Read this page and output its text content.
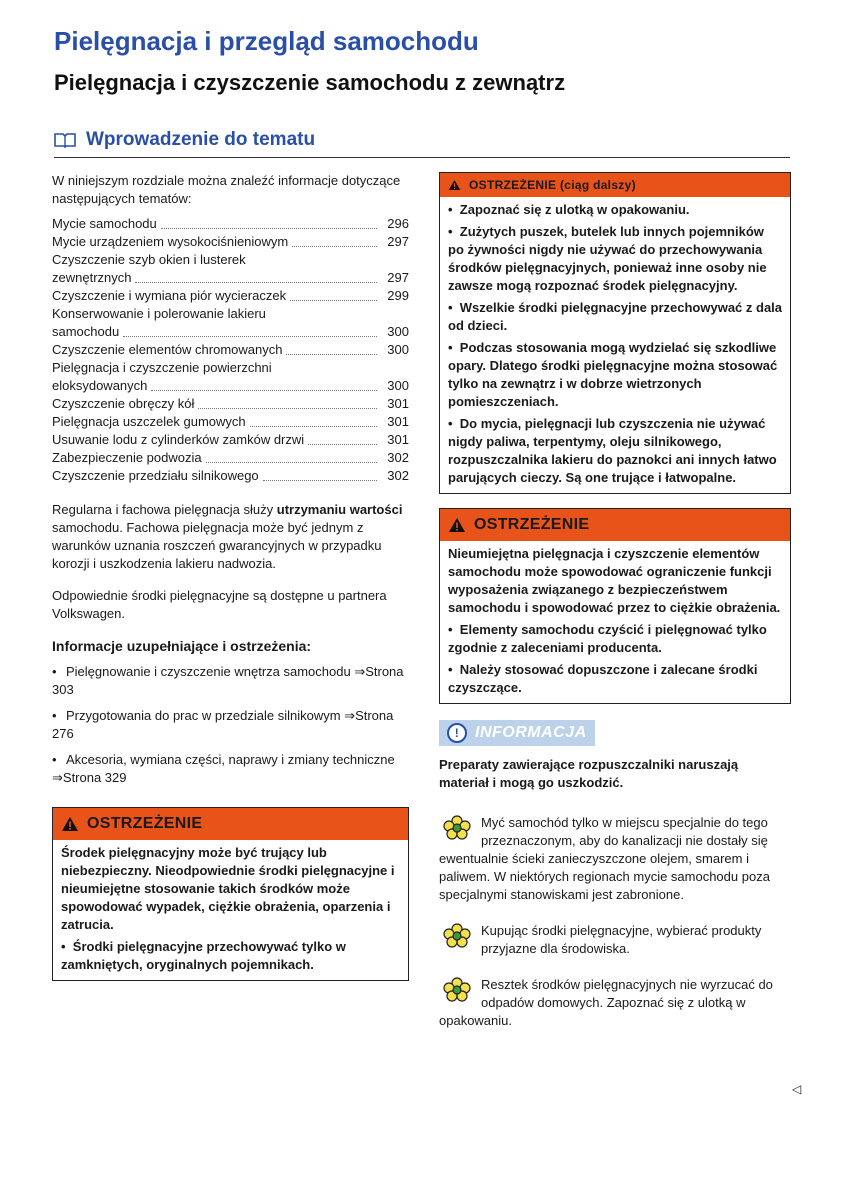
Pielęgnacja i przegląd samochodu
Pielęgnacja i czyszczenie samochodu z zewnątrz
Wprowadzenie do tematu

W niniejszym rozdziale można znaleźć informacje dotyczące następujących tematów:

Mycie samochodu	296
Mycie urządzeniem wysokociśnieniowym	297
Czyszczenie szyb okien i lusterek
zewnętrznych	297
Czyszczenie i wymiana piór wycieraczek	299
Konserwowanie i polerowanie lakieru
samochodu	300
Czyszczenie elementów chromowanych	300
Pielęgnacja i czyszczenie powierzchni
eloksydowanych	300
Czyszczenie obręczy kół	301
Pielęgnacja uszczelek gumowych	301
Usuwanie lodu z cylinderków zamków drzwi	301
Zabezpieczenie podwozia	302
Czyszczenie przedziału silnikowego	302

Regularna i fachowa pielęgnacja służy utrzymaniu wartości samochodu. Fachowa pielęgnacja może być jednym z warunków uznania roszczeń gwarancyjnych w przypadku korozji i uszkodzenia lakieru nadwozia.

Odpowiednie środki pielęgnacyjne są dostępne u partnera Volkswagen.

Informacje uzupełniające i ostrzeżenia:
• Pielęgnowanie i czyszczenie wnętrza samochodu ⇒Strona 303
• Przygotowania do prac w przedziale silnikowym ⇒Strona 276
• Akcesoria, wymiana części, naprawy i zmiany techniczne ⇒Strona 329
OSTRZEŻENIE
Środek pielęgnacyjny może być trujący lub niebezpieczny. Nieodpowiednie środki pielęgnacyjne i nieumiejętne stosowanie takich środków może spowodować wypadek, ciężkie obrażenia, oparzenia i zatrucia.
•  Środki pielęgnacyjne przechowywać tylko w zamkniętych, oryginalnych pojemnikach.
OSTRZEŻENIE (ciąg dalszy)
•  Zapoznać się z ulotką w opakowaniu.
•  Zużytych puszek, butelek lub innych pojemników po żywności nigdy nie używać do przechowywania środków pielęgnacyjnych, ponieważ inne osoby nie zawsze mogą rozpoznać środek pielęgnacyjny.
•  Wszelkie środki pielęgnacyjne przechowywać z dala od dzieci.
•  Podczas stosowania mogą wydzielać się szkodliwe opary. Dlatego środki pielęgnacyjne można stosować tylko na zewnątrz i w dobrze wietrzonych pomieszczeniach.
•  Do mycia, pielęgnacji lub czyszczenia nie używać nigdy paliwa, terpentymy, oleju silnikowego, rozpuszczalnika lakieru do paznokci ani innych łatwo parujących cieczy. Są one trujące i łatwopalne.
OSTRZEŻENIE
Nieumiejętna pielęgnacja i czyszczenie elementów samochodu może spowodować ograniczenie funkcji wyposażenia związanego z bezpieczeństwem samochodu i spowodować przez to ciężkie obrażenia.
•  Elementy samochodu czyścić i pielęgnować tylko zgodnie z zaleceniami producenta.
•  Należy stosować dopuszczone i zalecane środki czyszczące.
! INFORMACJA

Preparaty zawierające rozpuszczalniki naruszają materiał i mogą go uszkodzić.

Myć samochód tylko w miejscu specjalnie do tego przeznaczonym, aby do kanalizacji nie dostały się ewentualnie ścieki zanieczyszczone olejem, smarem i paliwem. W niektórych regionach mycie samochodu poza specjalnymi stanowiskami jest zabronione.
Kupując środki pielęgnacyjne, wybierać produkty przyjazne dla środowiska.
Resztek środków pielęgnacyjnych nie wyrzucać do odpadów domowych. Zapoznać się z ulotką w opakowaniu.
◁
